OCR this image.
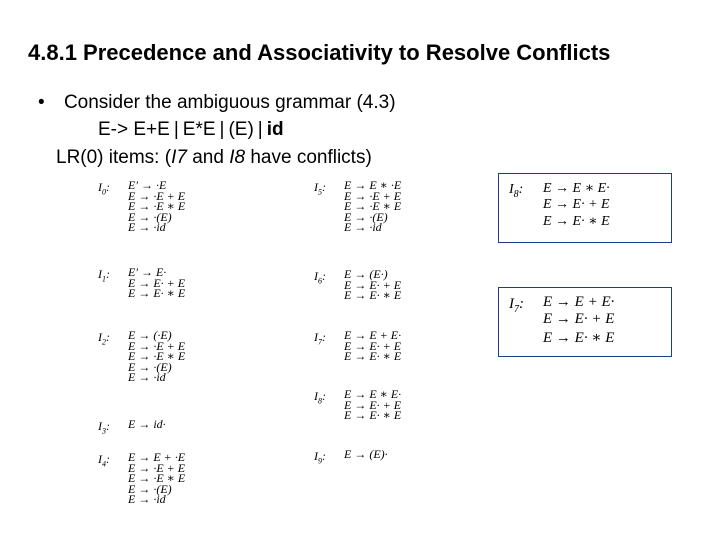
4.8.1 Precedence and Associativity to Resolve Conflicts
• Consider the ambiguous grammar (4.3)
E-> E+E | E*E | (E) | id
LR(0) items: (I7 and I8 have conflicts)
$I_0$: E′ → ·E
E → ·E + E
E → ·E ∗ E
E → ·(E)
E → ·id
$I_1$: E′ → E·
E → E· + E
E → E· ∗ E
$I_2$: E → (·E)
E → ·E + E
E → ·E ∗ E
E → ·(E)
E → ·id
$I_3$: E → id·
$I_4$: E → E + ·E
E → ·E + E
E → ·E ∗ E
E → ·(E)
E → ·id
$I_5$: E → E ∗ ·E
E → ·E + E
E → ·E ∗ E
E → ·(E)
E → ·id
$I_6$: E → (E·)
E → E· + E
E → E· ∗ E
$I_7$: E → E + E·
E → E· + E
E → E· ∗ E
$I_8$: E → E ∗ E·
E → E· + E
E → E· ∗ E
$I_9$: E → (E)·
$I_8$: E → E ∗ E·
E → E· + E
E → E· ∗ E
$I_7$: E → E + E·
E → E· + E
E → E· ∗ E
